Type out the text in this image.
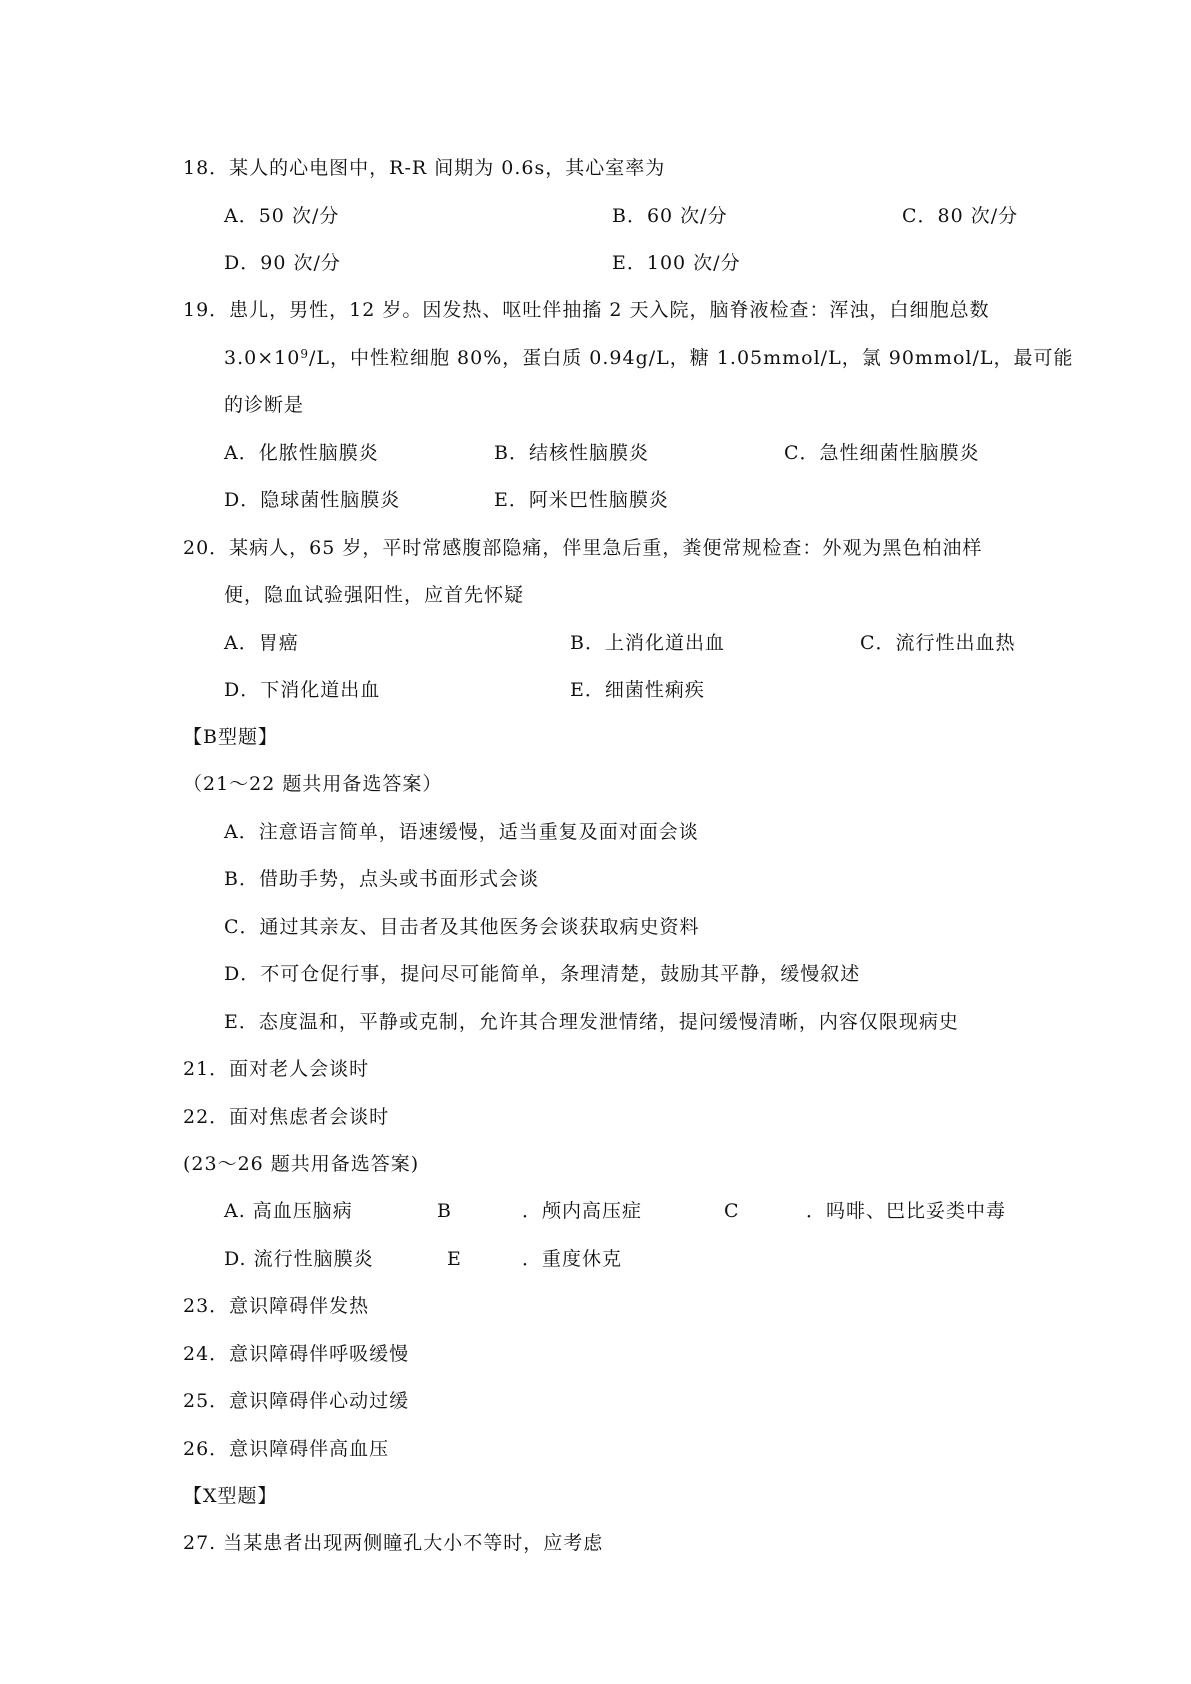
18．某人的心电图中，R-R 间期为 0.6s，其心室率为
A．50 次/分	B．60 次/分	C．80 次/分
D．90 次/分	E．100 次/分
19．患儿，男性，12 岁。因发热、呕吐伴抽搐 2 天入院，脑脊液检查：浑浊，白细胞总数
$3.0\times 10^9/L$，中性粒细胞 80%，蛋白质 0.94g/L，糖 1.05mmol/L，氯 90mmol/L，最可能
的诊断是
A．化脓性脑膜炎	B．结核性脑膜炎	C．急性细菌性脑膜炎
D．隐球菌性脑膜炎	E．阿米巴性脑膜炎
20．某病人，65 岁，平时常感腹部隐痛，伴里急后重，粪便常规检查：外观为黑色柏油样
便，隐血试验强阳性，应首先怀疑
A．胃癌	B．上消化道出血	C．流行性出血热
D．下消化道出血	E．细菌性痢疾
【B型题】
（21～22 题共用备选答案）
A．注意语言简单，语速缓慢，适当重复及面对面会谈
B．借助手势，点头或书面形式会谈
C．通过其亲友、目击者及其他医务会谈获取病史资料
D．不可仓促行事，提问尽可能简单，条理清楚，鼓励其平静，缓慢叙述
E．态度温和，平静或克制，允许其合理发泄情绪，提问缓慢清晰，内容仅限现病史
21．面对老人会谈时
22．面对焦虑者会谈时
(23～26 题共用备选答案)
A. 高血压脑病	B	．颅内高压症	C	．吗啡、巴比妥类中毒
D. 流行性脑膜炎	E	．重度休克
23．意识障碍伴发热
24．意识障碍伴呼吸缓慢
25．意识障碍伴心动过缓
26．意识障碍伴高血压
【X型题】
27. 当某患者出现两侧瞳孔大小不等时，应考虑
